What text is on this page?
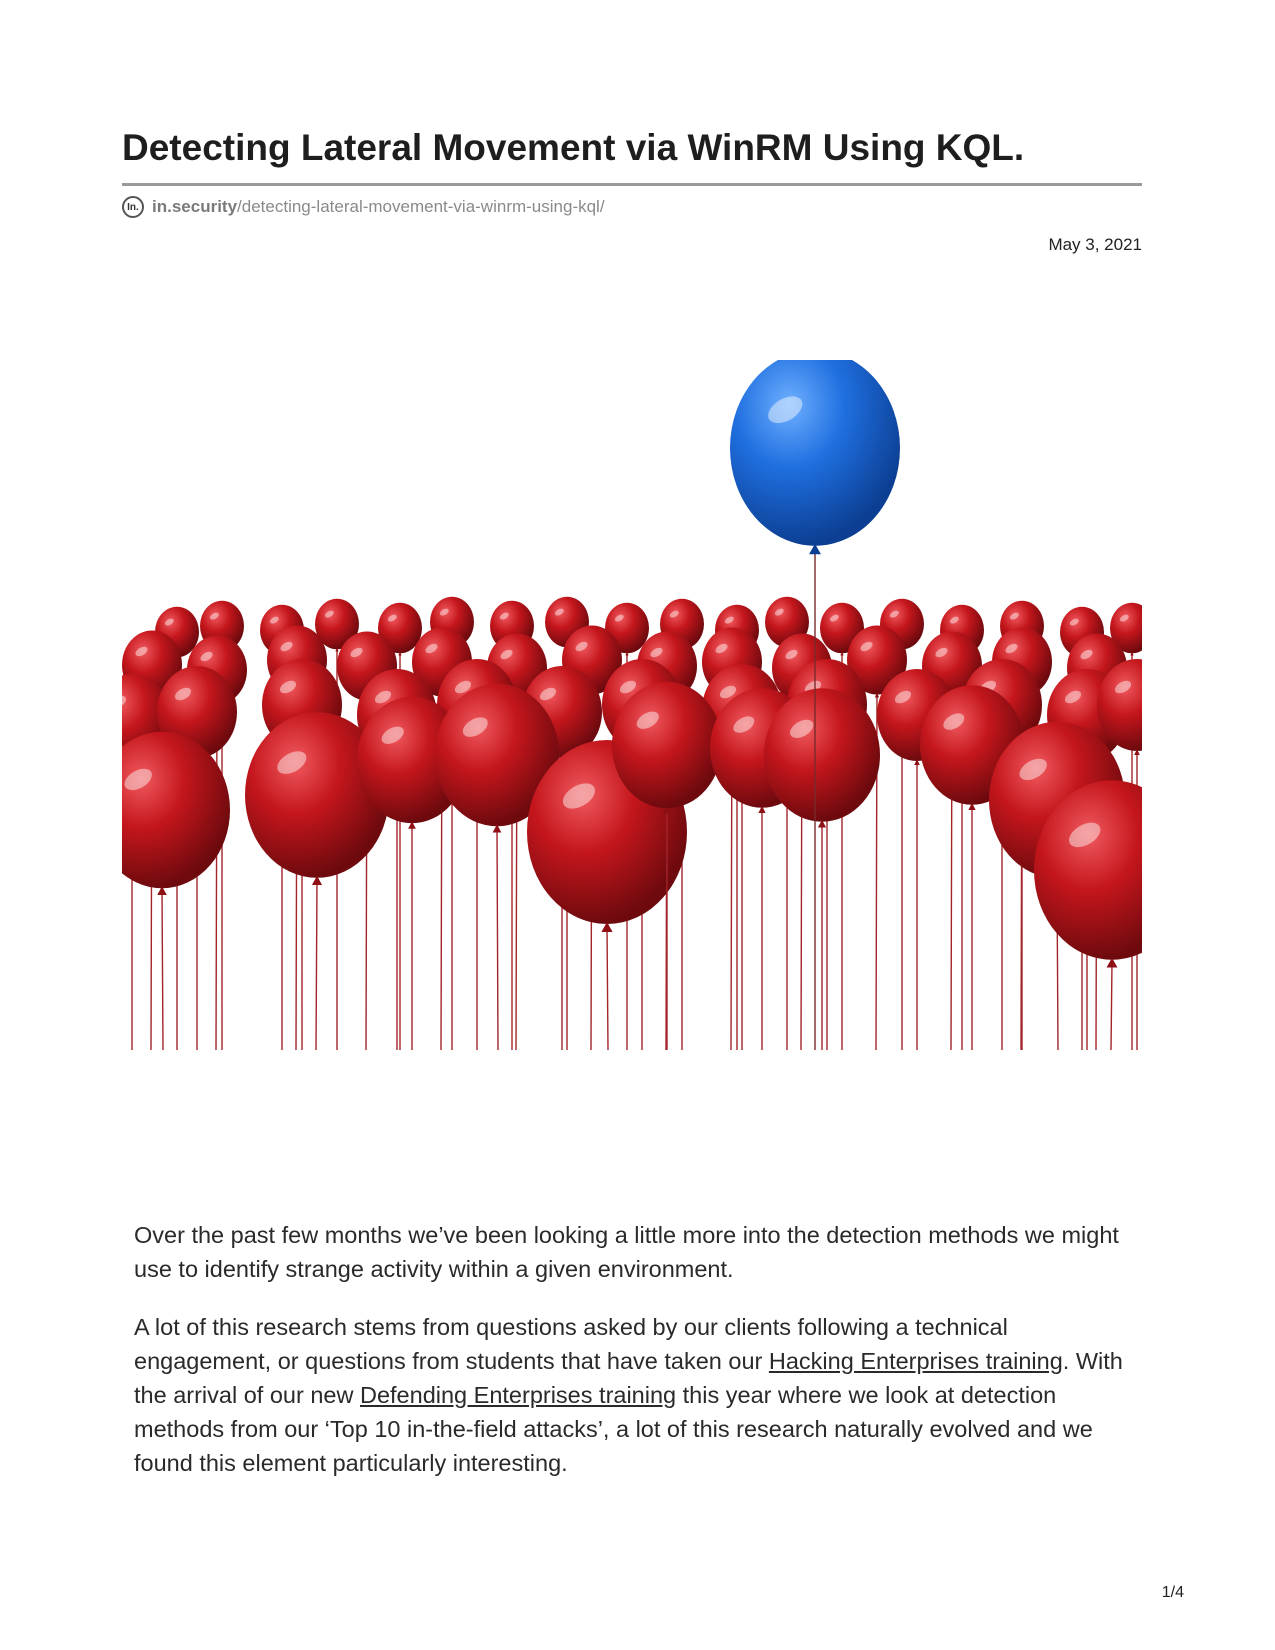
Detecting Lateral Movement via WinRM Using KQL.
In. in.security /detecting-lateral-movement-via-winrm-using-kql/
May 3, 2021

Over the past few months we’ve been looking a little more into the detection methods we might use to identify strange activity within a given environment.

A lot of this research stems from questions asked by our clients following a technical engagement, or questions from students that have taken our Hacking Enterprises training. With the arrival of our new Defending Enterprises training this year where we look at detection methods from our ‘Top 10 in-the-field attacks’, a lot of this research naturally evolved and we found this element particularly interesting.

1/4
